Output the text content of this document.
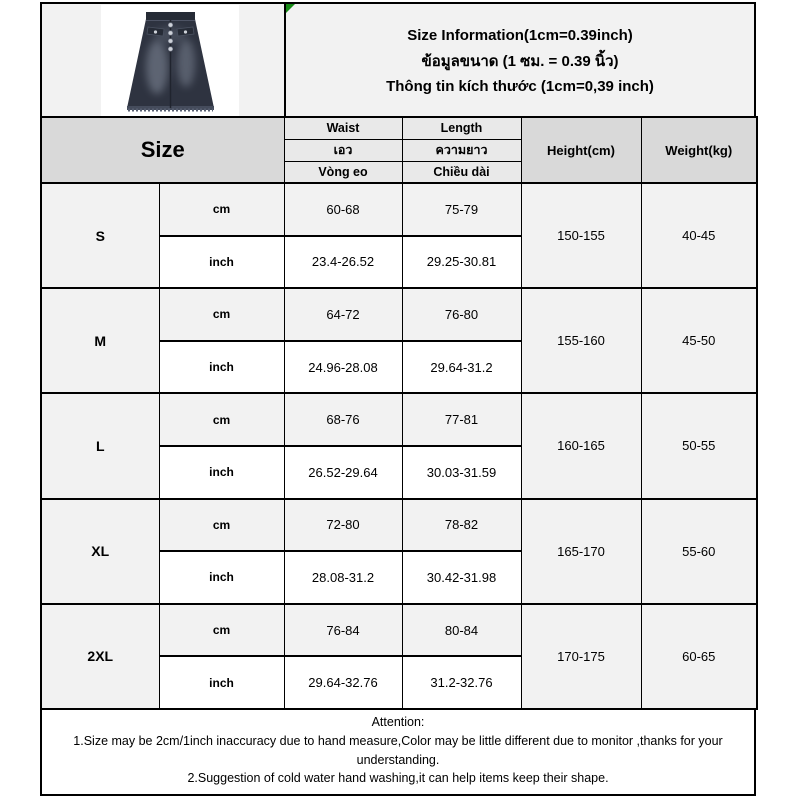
Size Information(1cm=0.39inch)
ข้อมูลขนาด (1 ซม. = 0.39 นิ้ว)
Thông tin kích thước (1cm=0,39 inch)
Size		Waist	Length	Height(cm)	Weight(kg)
		เอว	ความยาว		
		Vòng eo	Chiều dài		
S	cm	60-68	75-79	150-155	40-45
	inch	23.4-26.52	29.25-30.81		
M	cm	64-72	76-80	155-160	45-50
	inch	24.96-28.08	29.64-31.2		
L	cm	68-76	77-81	160-165	50-55
	inch	26.52-29.64	30.03-31.59		
XL	cm	72-80	78-82	165-170	55-60
	inch	28.08-31.2	30.42-31.98		
2XL	cm	76-84	80-84	170-175	60-65
	inch	29.64-32.76	31.2-32.76		
Attention:
1.Size may be 2cm/1inch inaccuracy due to hand measure,Color may be little different due to monitor ,thanks for your understanding.
2.Suggestion of cold water hand washing,it can help items keep their shape.
